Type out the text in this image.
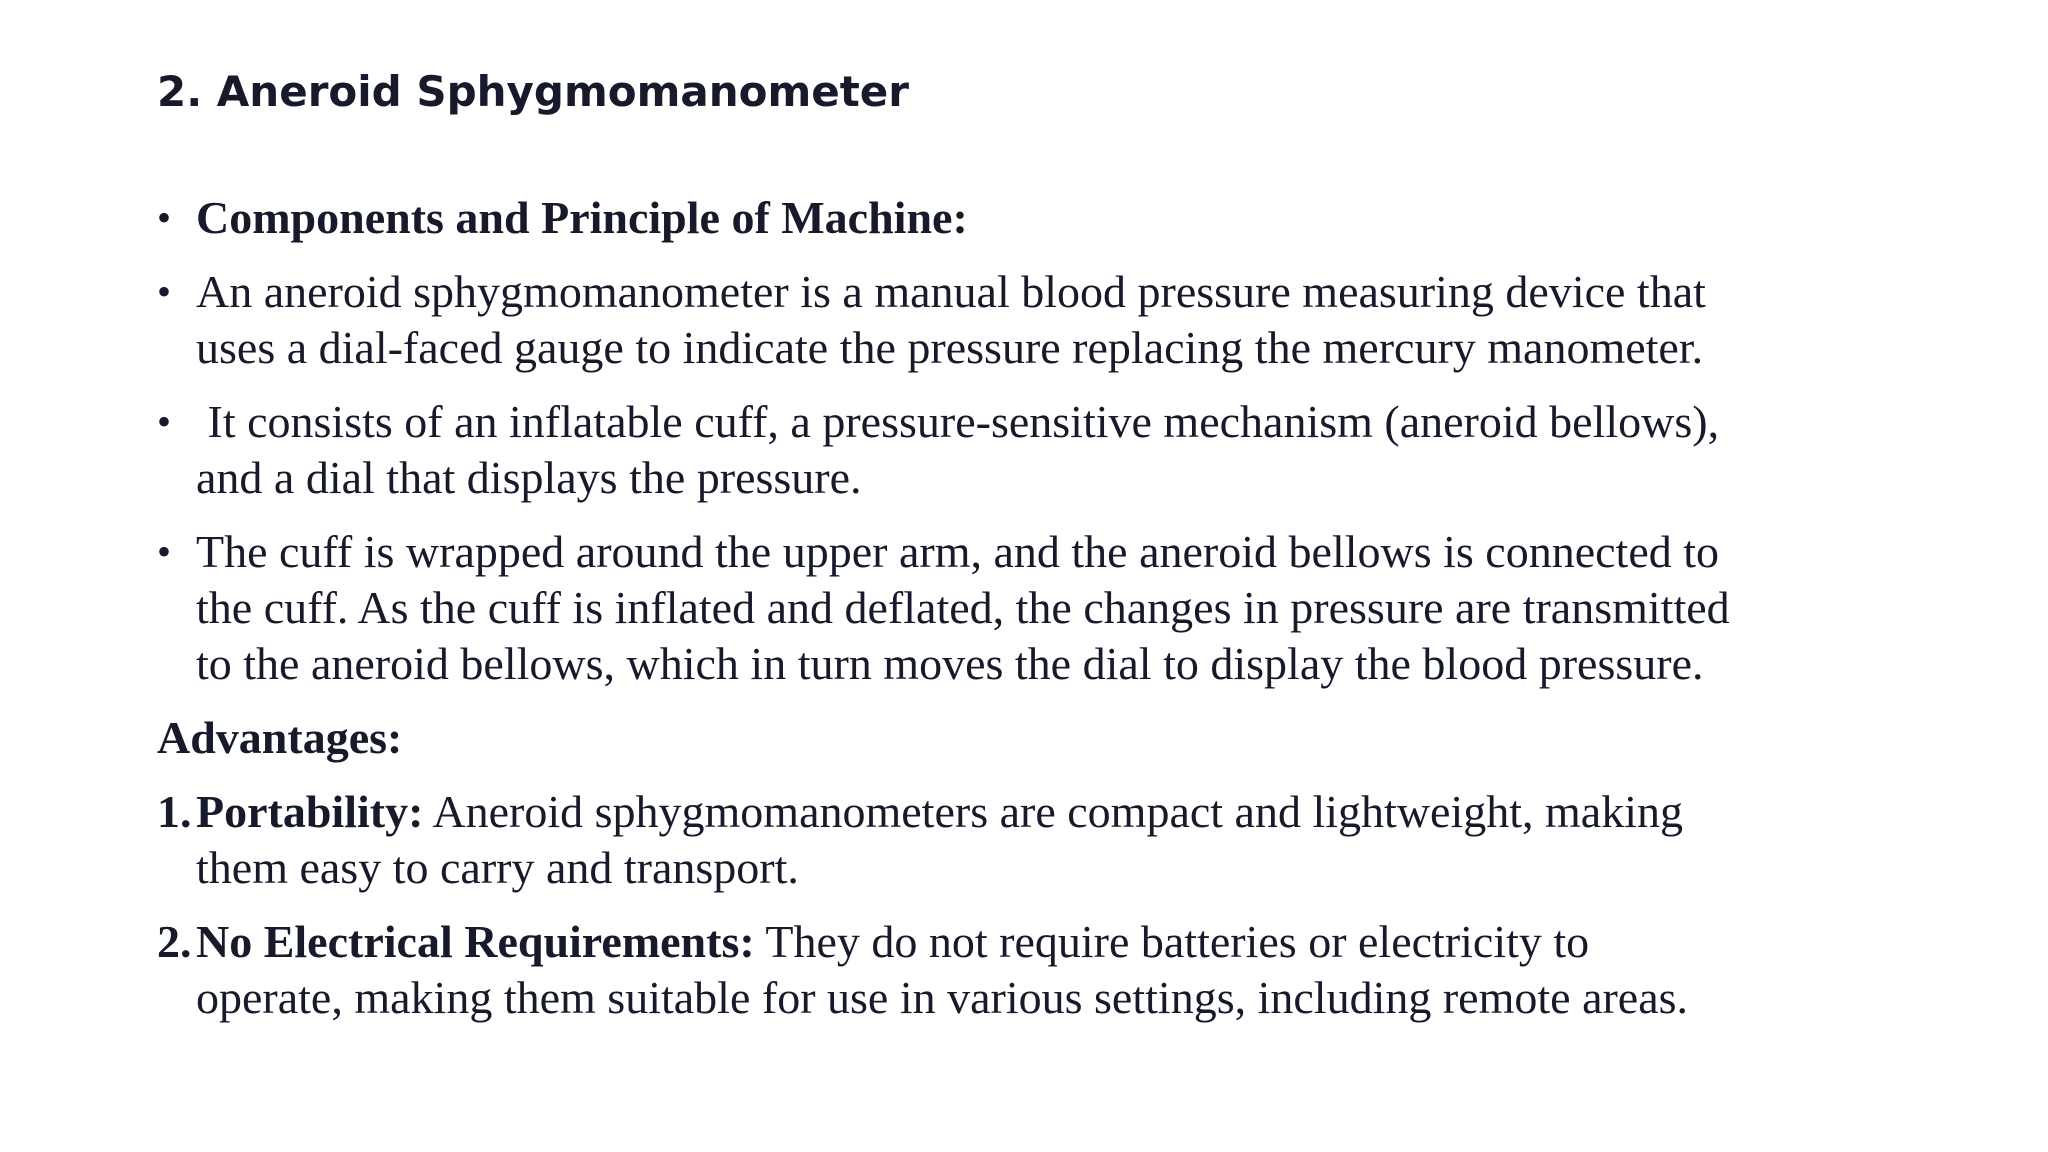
2. Aneroid Sphygmomanometer
• Components and Principle of Machine:
• An aneroid sphygmomanometer is a manual blood pressure measuring device that
uses a dial-faced gauge to indicate the pressure replacing the mercury manometer.
• It consists of an inflatable cuff, a pressure-sensitive mechanism (aneroid bellows),
and a dial that displays the pressure.
• The cuff is wrapped around the upper arm, and the aneroid bellows is connected to
the cuff. As the cuff is inflated and deflated, the changes in pressure are transmitted
to the aneroid bellows, which in turn moves the dial to display the blood pressure.
Advantages:
1. Portability: Aneroid sphygmomanometers are compact and lightweight, making
them easy to carry and transport.
2. No Electrical Requirements: They do not require batteries or electricity to
operate, making them suitable for use in various settings, including remote areas.
